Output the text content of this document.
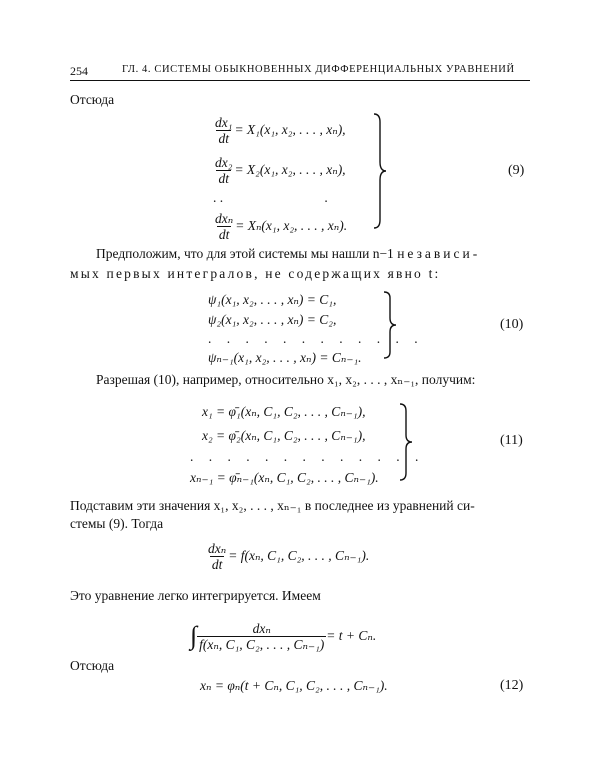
254	ГЛ. 4. СИСТЕМЫ ОБЫКНОВЕННЫХ ДИФФЕРЕНЦИАЛЬНЫХ УРАВНЕНИЙ
Отсюда
$\frac{\text{dx₁}}{dt} = X_1(x_1$, x₂, . . . , xₙ),
$\frac{\text{dx₂}}{dt} = X_2(x_1$, x₂, . . . , xₙ),
. .                              .
$\frac{\text{dxₙ}}{dt} = X_n(x_1$, x₂, . . . , xₙ).
(9)
Предположим, что для этой системы мы нашли n−1 независи-
мых первых интегралов, не содержащих явно t:
ψ₁(x₁, x₂, . . . , xₙ) = C₁,
ψ₂(x₁, x₂, . . . , xₙ) = C₂,
. . . . . . . . . . . .
ψₙ₋₁(x₁, x₂, . . . , xₙ) = Cₙ₋₁.
(10)
Разрешая (10), например, относительно x₁, x₂, . . . , xₙ₋₁, получим:
x₁ = φ̄₁(xₙ, C₁, C₂, . . . , Cₙ₋₁),
x₂ = φ̄₂(xₙ, C₁, C₂, . . . , Cₙ₋₁),
. . . . . . . . . . . . .
xₙ₋₁ = φ̄ₙ₋₁(xₙ, C₁, C₂, . . . , Cₙ₋₁).
(11)
Подставим эти значения x₁, x₂, . . . , xₙ₋₁ в последнее из уравнений си-
стемы (9). Тогда
$\frac{\text{dxₙ}}{dt} = f(x_n$, C₁, C₂, . . . , Cₙ₋₁).
Это уравнение легко интегрируется. Имеем
∫ $\frac{\text{dxₙ}}{\text{f(xₙ, C₁, C₂, . . . , Cₙ₋₁)}} = t + C_n$.
Отсюда
xₙ = φₙ(t + Cₙ, C₁, C₂, . . . , Cₙ₋₁).	(12)
